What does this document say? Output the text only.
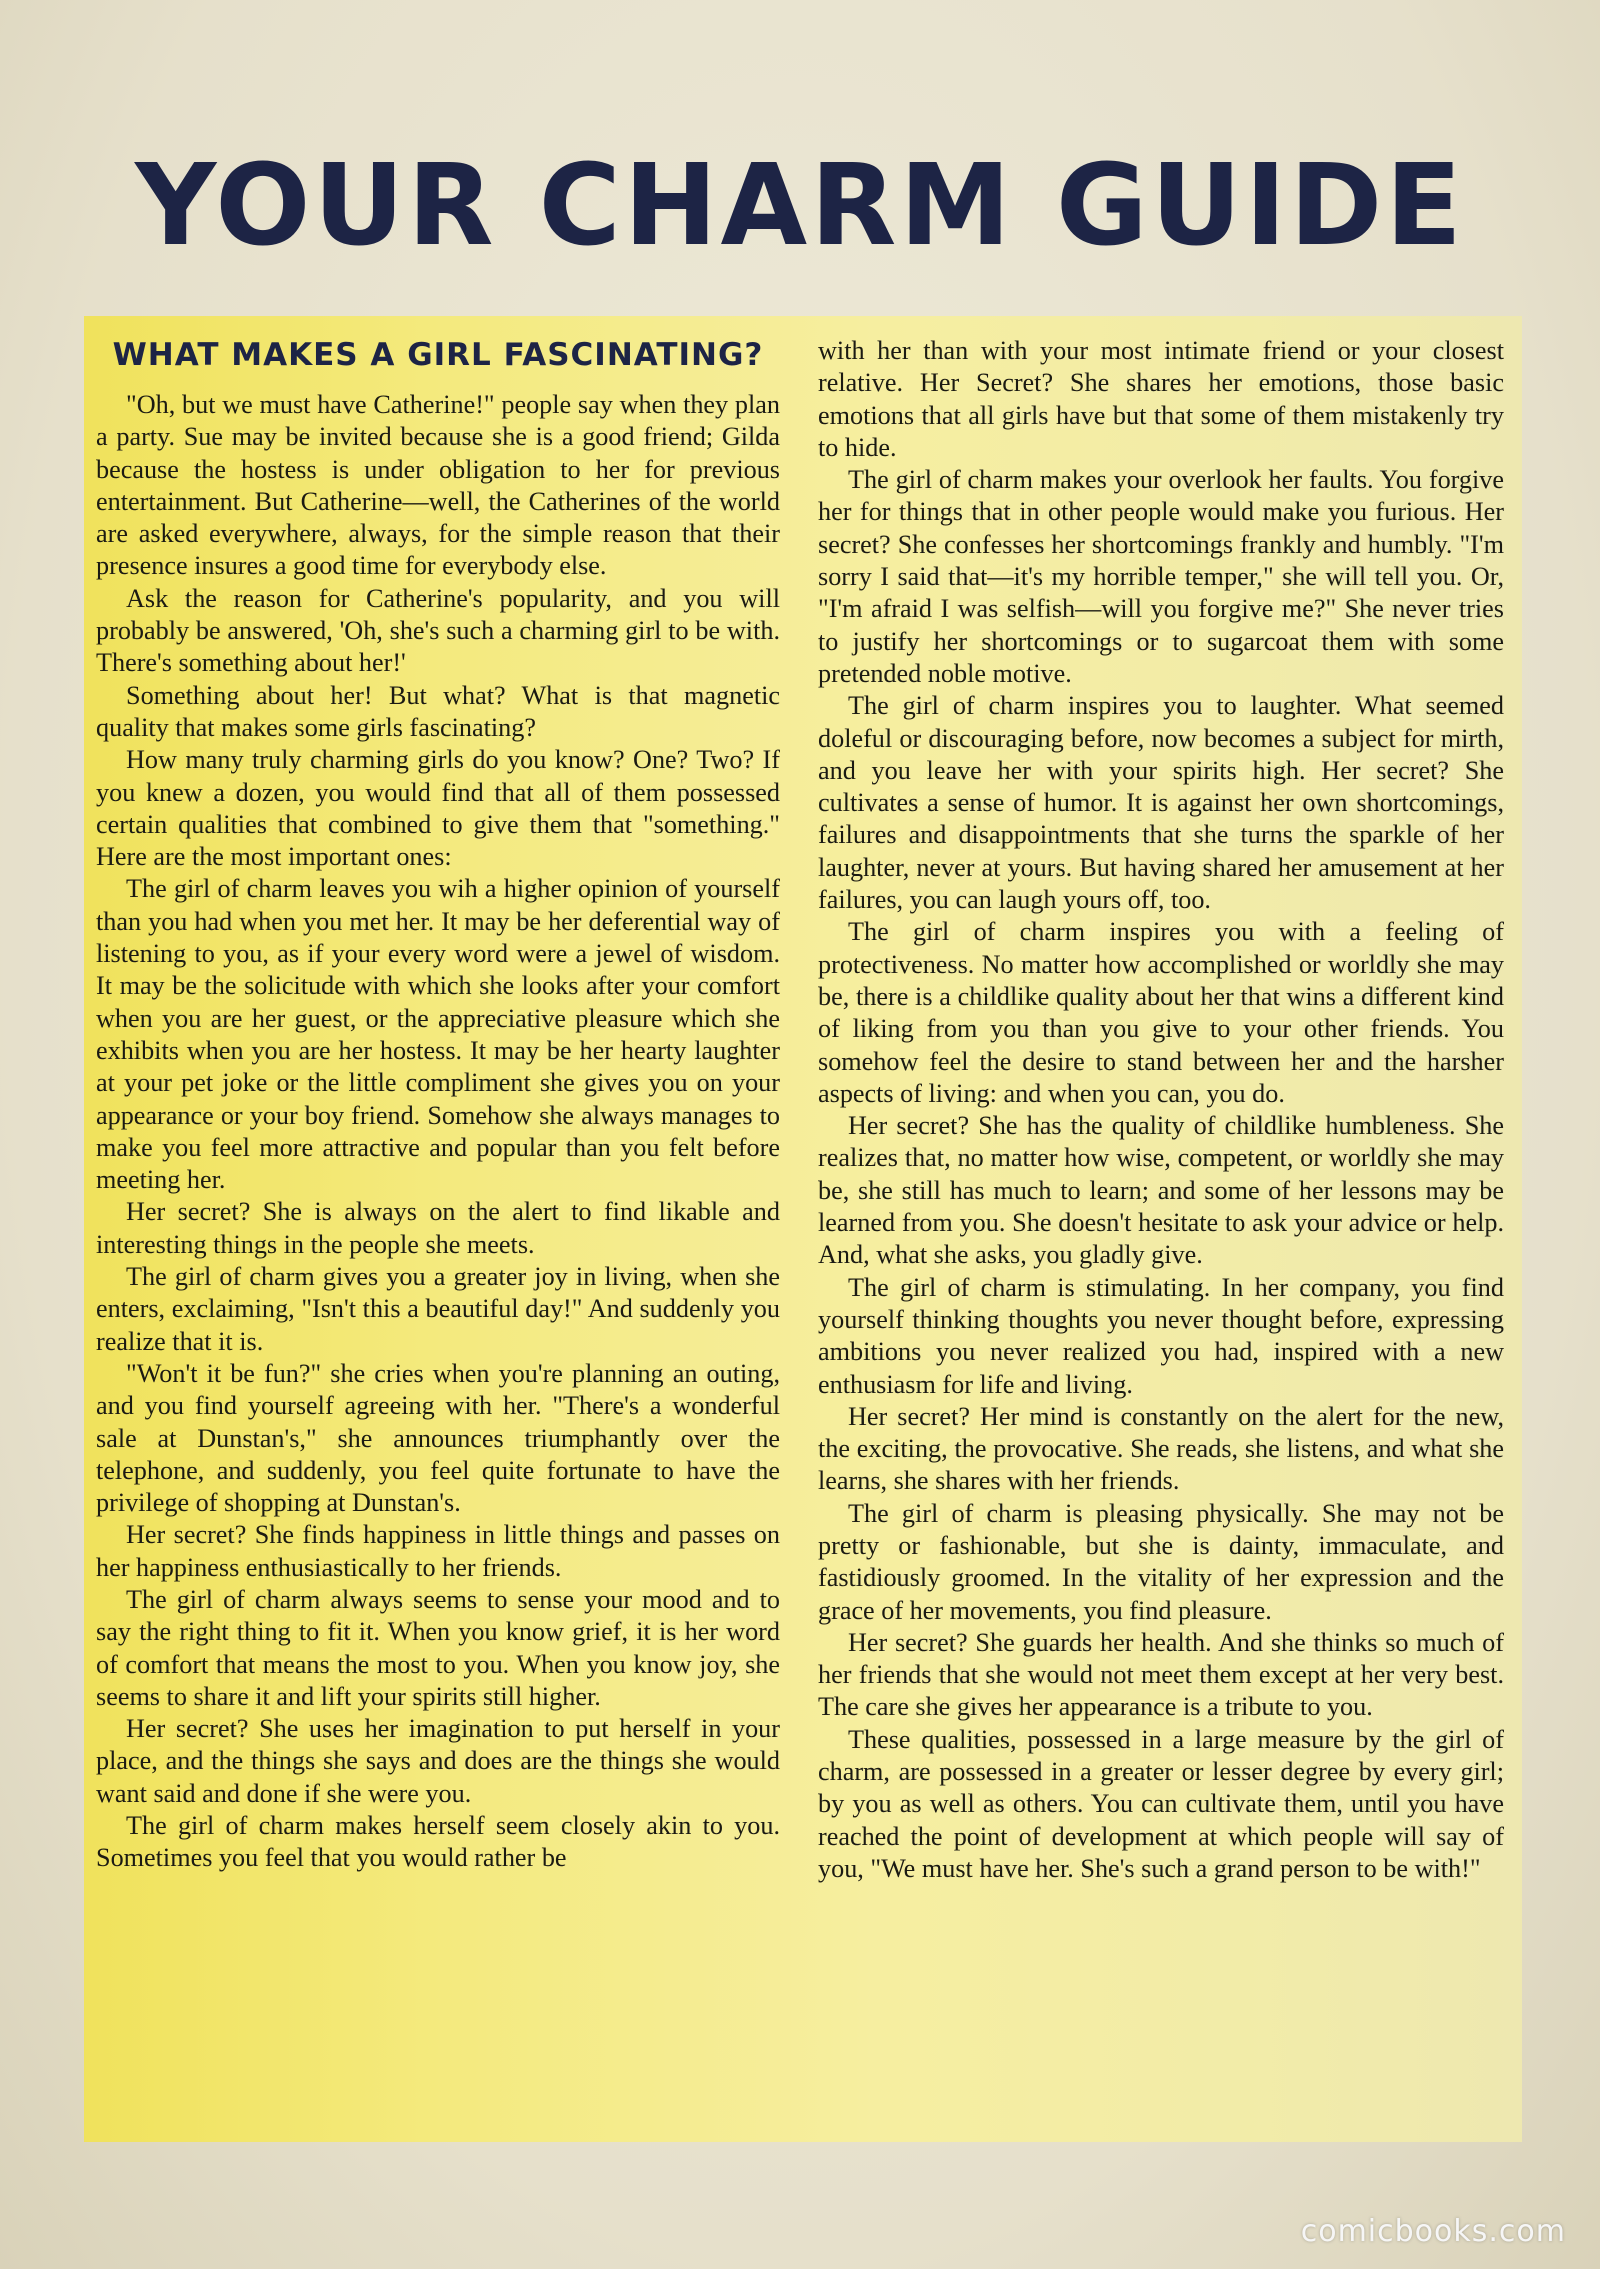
YOUR CHARM GUIDE
WHAT MAKES A GIRL FASCINATING?

"Oh, but we must have Catherine!" people say when they plan a party. Sue may be invited because she is a good friend; Gilda because the hostess is under obligation to her for previous entertainment. But Catherine—well, the Catherines of the world are asked everywhere, always, for the simple reason that their presence insures a good time for everybody else.

Ask the reason for Catherine's popularity, and you will probably be answered, 'Oh, she's such a charming girl to be with. There's something about her!'

Something about her! But what? What is that magnetic quality that makes some girls fascinating?

How many truly charming girls do you know? One? Two? If you knew a dozen, you would find that all of them possessed certain qualities that combined to give them that "something." Here are the most important ones:

The girl of charm leaves you wih a higher opinion of yourself than you had when you met her. It may be her deferential way of listening to you, as if your every word were a jewel of wisdom. It may be the solicitude with which she looks after your comfort when you are her guest, or the appreciative pleasure which she exhibits when you are her hostess. It may be her hearty laughter at your pet joke or the little compliment she gives you on your appearance or your boy friend. Somehow she always manages to make you feel more attractive and popular than you felt before meeting her.

Her secret? She is always on the alert to find likable and interesting things in the people she meets.

The girl of charm gives you a greater joy in living, when she enters, exclaiming, "Isn't this a beautiful day!" And suddenly you realize that it is.

"Won't it be fun?" she cries when you're planning an outing, and you find yourself agreeing with her. "There's a wonderful sale at Dunstan's," she announces triumphantly over the telephone, and suddenly, you feel quite fortunate to have the privilege of shopping at Dunstan's.

Her secret? She finds happiness in little things and passes on her happiness enthusiastically to her friends.

The girl of charm always seems to sense your mood and to say the right thing to fit it. When you know grief, it is her word of comfort that means the most to you. When you know joy, she seems to share it and lift your spirits still higher.

Her secret? She uses her imagination to put herself in your place, and the things she says and does are the things she would want said and done if she were you.

The girl of charm makes herself seem closely akin to you. Sometimes you feel that you would rather be

with her than with your most intimate friend or your closest relative. Her Secret? She shares her emotions, those basic emotions that all girls have but that some of them mistakenly try to hide.

The girl of charm makes your overlook her faults. You forgive her for things that in other people would make you furious. Her secret? She confesses her shortcomings frankly and humbly. "I'm sorry I said that—it's my horrible temper," she will tell you. Or, "I'm afraid I was selfish—will you forgive me?" She never tries to justify her shortcomings or to sugarcoat them with some pretended noble motive.

The girl of charm inspires you to laughter. What seemed doleful or discouraging before, now becomes a subject for mirth, and you leave her with your spirits high. Her secret? She cultivates a sense of humor. It is against her own shortcomings, failures and disappointments that she turns the sparkle of her laughter, never at yours. But having shared her amusement at her failures, you can laugh yours off, too.

The girl of charm inspires you with a feeling of protectiveness. No matter how accomplished or worldly she may be, there is a childlike quality about her that wins a different kind of liking from you than you give to your other friends. You somehow feel the desire to stand between her and the harsher aspects of living: and when you can, you do.

Her secret? She has the quality of childlike humbleness. She realizes that, no matter how wise, competent, or worldly she may be, she still has much to learn; and some of her lessons may be learned from you. She doesn't hesitate to ask your advice or help. And, what she asks, you gladly give.

The girl of charm is stimulating. In her company, you find yourself thinking thoughts you never thought before, expressing ambitions you never realized you had, inspired with a new enthusiasm for life and living.

Her secret? Her mind is constantly on the alert for the new, the exciting, the provocative. She reads, she listens, and what she learns, she shares with her friends.

The girl of charm is pleasing physically. She may not be pretty or fashionable, but she is dainty, immaculate, and fastidiously groomed. In the vitality of her expression and the grace of her movements, you find pleasure.

Her secret? She guards her health. And she thinks so much of her friends that she would not meet them except at her very best. The care she gives her appearance is a tribute to you.

These qualities, possessed in a large measure by the girl of charm, are possessed in a greater or lesser degree by every girl; by you as well as others. You can cultivate them, until you have reached the point of development at which people will say of you, "We must have her. She's such a grand person to be with!"

comicbooks.com
